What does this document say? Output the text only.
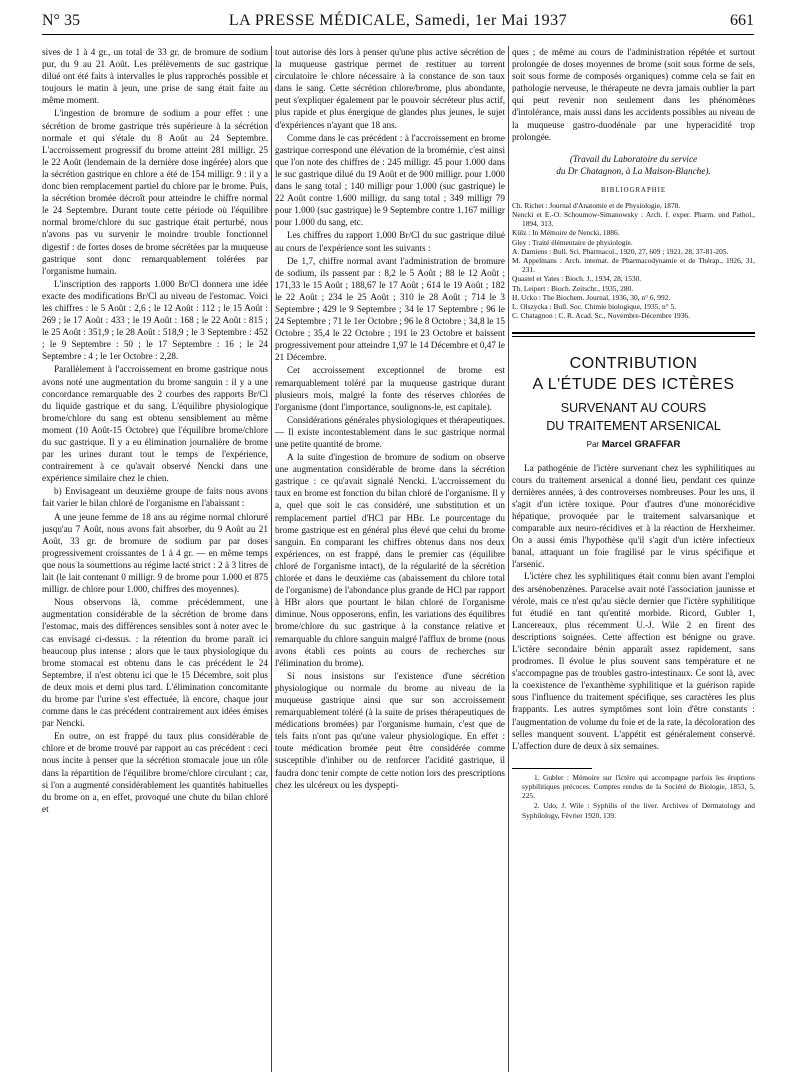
N° 35	LA PRESSE MÉDICALE, Samedi, 1er Mai 1937	661

sives de 1 à 4 gr., un total de 33 gr. de bromure de sodium pur, du 9 au 21 Août. Les prélèvements de suc gastrique dilué ont été faits à intervalles le plus rapprochés possible et toujours le matin à jeun, une prise de sang était faite au même moment.

L'ingestion de bromure de sodium a pour effet : une sécrétion de brome gastrique très supérieure à la sécrétion normale et qui s'étale du 8 Août au 24 Septembre. L'accroissement progressif du brome atteint 281 milligr. 25 le 22 Août (lendemain de la dernière dose ingérée) alors que la sécrétion gastrique en chlore a été de 154 milligr. 9 : il y a donc bien remplacement partiel du chlore par le brome. Puis, la sécrétion bromée décroît pour atteindre le chiffre normal le 24 Septembre. Durant toute cette période où l'équilibre normal brome/chlore du suc gastrique était perturbé, nous n'avons pas vu survenir le moindre trouble fonctionnel digestif : de fortes doses de brome sécrétées par la muqueuse gastrique sont donc remarquablement tolérées par l'organisme humain.

L'inscription des rapports 1.000 Br/Cl donnera une idée exacte des modifications Br/Cl au niveau de l'estomac. Voici les chiffres : le 5 Août : 2,6 ; le 12 Août : 112 ; le 15 Août : 269 ; le 17 Août : 433 ; le 19 Août : 168 ; le 22 Août : 815 ; le 25 Août : 351,9 ; le 28 Août : 518,9 ; le 3 Septembre : 452 ; le 9 Septembre : 50 ; le 17 Septembre : 16 ; le 24 Septembre : 4 ; le 1er Octobre : 2,28.

Parallèlement à l'accroissement en brome gastrique nous avons noté une augmentation du brome sanguin : il y a une concordance remarquable des 2 courbes des rapports Br/Cl du liquide gastrique et du sang. L'équilibre physiologique brome/chlore du sang est obtenu sensiblement au même moment (10 Août-15 Octobre) que l'équilibre brome/chlore du suc gastrique. Il y a eu élimination journalière de brome par les urines durant tout le temps de l'expérience, contrairement à ce qu'avait observé Nencki dans une expérience similaire chez le chien.

b) Envisageant un deuxième groupe de faits nous avons fait varier le bilan chloré de l'organisme en l'abaissant :

A une jeune femme de 18 ans au régime normal chloruré jusqu'au 7 Août, nous avons fait absorber, du 9 Août au 21 Août, 33 gr. de bromure de sodium par par doses progressivement croissantes de 1 à 4 gr. — en même temps que nous la soumettions au régime lacté strict : 2 à 3 litres de lait (le lait contenant 0 milligr. 9 de brome pour 1.000 et 875 milligr. de chlore pour 1.000, chiffres des moyennes).

Nous observons là, comme précédemment, une augmentation considérable de la sécrétion de brome dans l'estomac, mais des différences sensibles sont à noter avec le cas envisagé ci-dessus. : la rétention du brome paraît ici beaucoup plus intense ; alors que le taux physiologique du brome stomacal est obtenu dans le cas précédent le 24 Septembre, il n'est obtenu ici que le 15 Décembre, soit plus de deux mois et demi plus tard. L'élimination concomitante du brome par l'urine s'est effectuée, là encore, chaque jour comme dans le cas précédent contrairement aux idées émises par Nencki.

En outre, on est frappé du taux plus considérable de chlore et de brome trouvé par rapport au cas précédent : ceci nous incite à penser que la sécrétion stomacale joue un rôle dans la répartition de l'équilibre brome/chlore circulant ; car, si l'on a augmenté considérablement les quantités habituelles du brome on a, en effet, provoqué une chute du bilan chloré et

tout autorise dès lors à penser qu'une plus active sécrétion de la muqueuse gastrique permet de restituer au torrent circulatoire le chlore nécessaire à la constance de son taux dans le sang. Cette sécrétion chlore/brome, plus abondante, peut s'expliquer également par le pouvoir sécréteur plus actif, plus rapide et plus énergique de glandes plus jeunes, le sujet d'expériences n'ayant que 18 ans.

Comme dans le cas précédent : à l'accroissement en brome gastrique correspond une élévation de la bromémie, c'est ainsi que l'on note des chiffres de : 245 milligr. 45 pour 1.000 dans le suc gastrique dilué du 19 Août et de 900 milligr. pour 1.000 dans le sang total ; 140 milligr pour 1.000 (suc gastrique) le 22 Août contre 1.600 milligr. du sang total ; 349 milligr 79 pour 1.000 (suc gastrique) le 9 Septembre contre 1.167 milligr pour 1.000 du sang, etc.

Les chiffres du rapport 1.000 Br/Cl du suc gastrique dilué au cours de l'expérience sont les suivants :

De 1,7, chiffre normal avant l'administration de bromure de sodium, ils passent par : 8,2 le 5 Août ; 88 le 12 Août ; 171,33 le 15 Août ; 188,67 le 17 Août ; 614 le 19 Août ; 182 le 22 Août ; 234 le 25 Août ; 310 le 28 Août ; 714 le 3 Septembre ; 429 le 9 Septembre ; 34 le 17 Septembre ; 96 le 24 Septembre ; 71 le 1er Octobre ; 96 le 8 Octobre ; 34,8 le 15 Octobre ; 35,4 le 22 Octobre ; 191 le 23 Octobre et baissent progressivement pour atteindre 1,97 le 14 Décembre et 0,47 le 21 Décembre.

Cet accroissement exceptionnel de brome est remarquablement toléré par la muqueuse gastrique durant plusieurs mois, malgré la fonte des réserves chlorées de l'organisme (dont l'importance, soulignons-le, est capitale).

Considérations générales physiologiques et thérapeutiques. — Il existe incontestablement dans le suc gastrique normal une petite quantité de brome.

A la suite d'ingestion de bromure de sodium on observe une augmentation considérable de brome dans la sécrétion gastrique : ce qu'avait signalé Nencki. L'accroissement du taux en brome est fonction du bilan chloré de l'organisme. Il y a, quel que soit le cas considéré, une substitution et un remplacement partiel d'HCl par HBr. Le pourcentage du brome gastrique est en général plus élevé que celui du brome sanguin. En comparant les chiffres obtenus dans nos deux expériences, on est frappé, dans le premier cas (équilibre chloré de l'organisme intact), de la régularité de la sécrétion chlorée et dans le deuxième cas (abaissement du chlore total de l'organisme) de l'abondance plus grande de HCl par rapport à HBr alors que pourtant le bilan chloré de l'organisme diminue. Nous opposerons, enfin, les variations des équilibres brome/chlore du suc gastrique à la constance relative et remarquable du chlore sanguin malgré l'afflux de brome (nous avons établi ces points au cours de recherches sur l'élimination du brome).

Si nous insistons sur l'existence d'une sécrétion physiologique ou normale du brome au niveau de la muqueuse gastrique ainsi que sur son accroissement remarquablement toléré (à la suite de prises thérapeutiques de médications bromées) par l'organisme humain, c'est que de tels faits n'ont pas qu'une valeur physiologique. En effet : toute médication bromée peut être considérée comme susceptible d'inhiber ou de renforcer l'acidité gastrique, il faudra donc tenir compte de cette notion lors des prescriptions chez les ulcéreux ou les dyspepti-

ques ; de même au cours de l'administration répétée et surtout prolongée de doses moyennes de brome (soit sous forme de sels, soit sous forme de composés organiques) comme cela se fait en pathologie nerveuse, le thérapeute ne devra jamais oublier la part qui peut revenir non seulement dans les phénomènes d'intolérance, mais aussi dans les accidents possibles au niveau de la muqueuse gastro-duodénale par une hyperacidité trop prolongée.

(Travail du Laboratoire du service
du Dr Chatagnon, à La Maison-Blanche).
BIBLIOGRAPHIE
Ch. Richet : Journal d'Anatomie et de Physiologie, 1878.
Nencki et E.-O. Schoumow-Simanowsky : Arch. f. exper. Pharm. und Pathol., 1894, 313.
Külz : In Mémoire de Nencki, 1886.
Gley : Traité élémentaire de physiologie.
A. Damiens : Bull. Sci. Pharmacol., 1920, 27, 609 ; 1921, 28, 37-81-205.
M. Appelmans : Arch. internat. de Pharmacodynamie et de Thérap., 1926, 31, 231.
Quastel et Yates : Bioch. J., 1934, 28, 1530.
Th. Leipert : Bioch. Zeitschr., 1935, 280.
H. Ucko : The Biochem. Journal, 1936, 30, n° 6, 992.
L. Olszycka : Bull. Soc. Chimie biologique, 1935, n° 5.
C. Chatagnon : C. R. Acad. Sc., Novembre-Décembre 1936.
CONTRIBUTION
A L'ÉTUDE DES ICTÈRES
SURVENANT AU COURS
DU TRAITEMENT ARSENICAL
Par Marcel GRAFFAR

La pathogénie de l'ictère survenant chez les syphilitiques au cours du traitement arsenical a donné lieu, pendant ces quinze dernières années, à des controverses nombreuses. Pour les uns, il s'agit d'un ictère toxique. Pour d'autres d'une monorécidive hépatique, provoquée par le traitement salvarsanique et comparable aux neuro-récidives et à la réaction de Herxheimer. On a aussi émis l'hypothèse qu'il s'agit d'un ictère infectieux banal, attaquant un foie fragilisé par le virus spécifique et l'arsenic.

L'ictère chez les syphilitiques était connu bien avant l'emploi des arsénobenzènes. Paracelse avait noté l'association jaunisse et vérole, mais ce n'est qu'au siècle dernier que l'ictère syphilitique fut étudié en tant qu'entité morbide. Ricord, Gubler 1, Lancereaux, plus récemment U.-J. Wile 2 en firent des descriptions soignées. Cette affection est bénigne ou grave. L'ictère secondaire bénin apparaît assez rapidement, sans prodromes. Il évolue le plus souvent sans température et ne s'accompagne pas de troubles gastro-intestinaux. Ce sont là, avec la coexistence de l'exanthème syphilitique et la guérison rapide sous l'influence du traitement spécifique, ses caractères les plus frappants. Les autres symptômes sont loin d'être constants : l'augmentation de volume du foie et de la rate, la décoloration des selles manquent souvent. L'appétit est généralement conservé. L'affection dure de deux à six semaines.

1. Gubler : Mémoire sur l'ictère qui accompagne parfois les éruptions syphilitiques précoces. Comptes rendus de la Société de Biologie, 1853, 5, 225.

2. Udo, J. Wile : Syphilis of the liver. Archives of Dermatology and Syphilology, Février 1920, 139.
